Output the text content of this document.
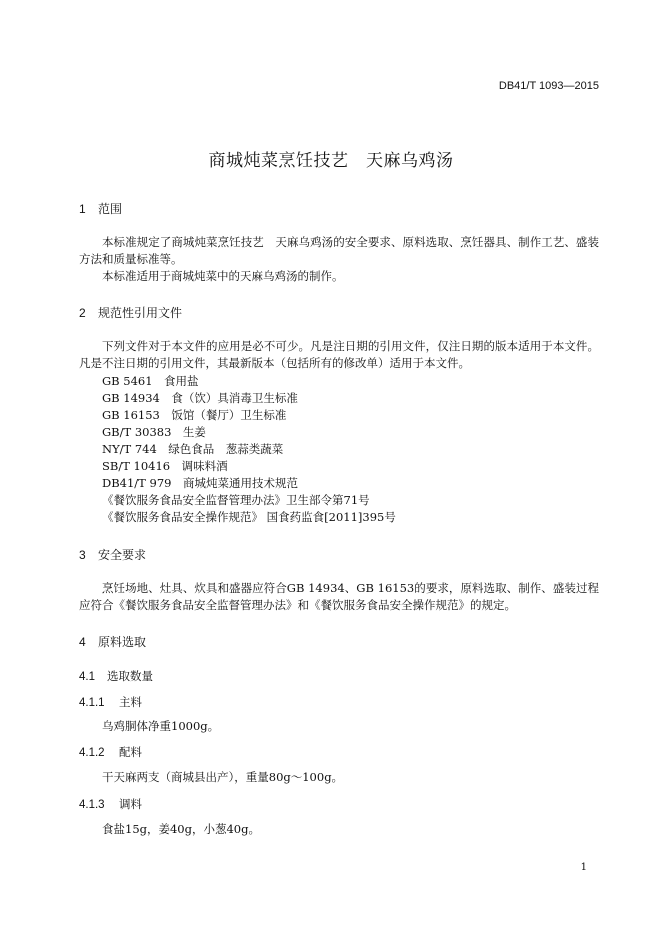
DB41/T 1093—2015
商城炖菜烹饪技艺　天麻乌鸡汤
1 范围
本标准规定了商城炖菜烹饪技艺　天麻乌鸡汤的安全要求、原料选取、烹饪器具、制作工艺、盛装方法和质量标准等。
本标准适用于商城炖菜中的天麻乌鸡汤的制作。
2 规范性引用文件
下列文件对于本文件的应用是必不可少。凡是注日期的引用文件，仅注日期的版本适用于本文件。凡是不注日期的引用文件，其最新版本（包括所有的修改单）适用于本文件。
GB 5461　食用盐
GB 14934　食（饮）具消毒卫生标准
GB 16153　饭馆（餐厅）卫生标准
GB/T 30383　生姜
NY/T 744　绿色食品　葱蒜类蔬菜
SB/T 10416　调味料酒
DB41/T 979　商城炖菜通用技术规范
《餐饮服务食品安全监督管理办法》卫生部令第71号
《餐饮服务食品安全操作规范》 国食药监食[2011]395号
3 安全要求
烹饪场地、灶具、炊具和盛器应符合GB 14934、GB 16153的要求，原料选取、制作、盛装过程应符合《餐饮服务食品安全监督管理办法》和《餐饮服务食品安全操作规范》的规定。
4 原料选取
4.1 选取数量
4.1.1 主料
乌鸡胴体净重1000g。
4.1.2 配料
干天麻两支（商城县出产），重量80g～100g。
4.1.3 调料
食盐15g，姜40g，小葱40g。
1
